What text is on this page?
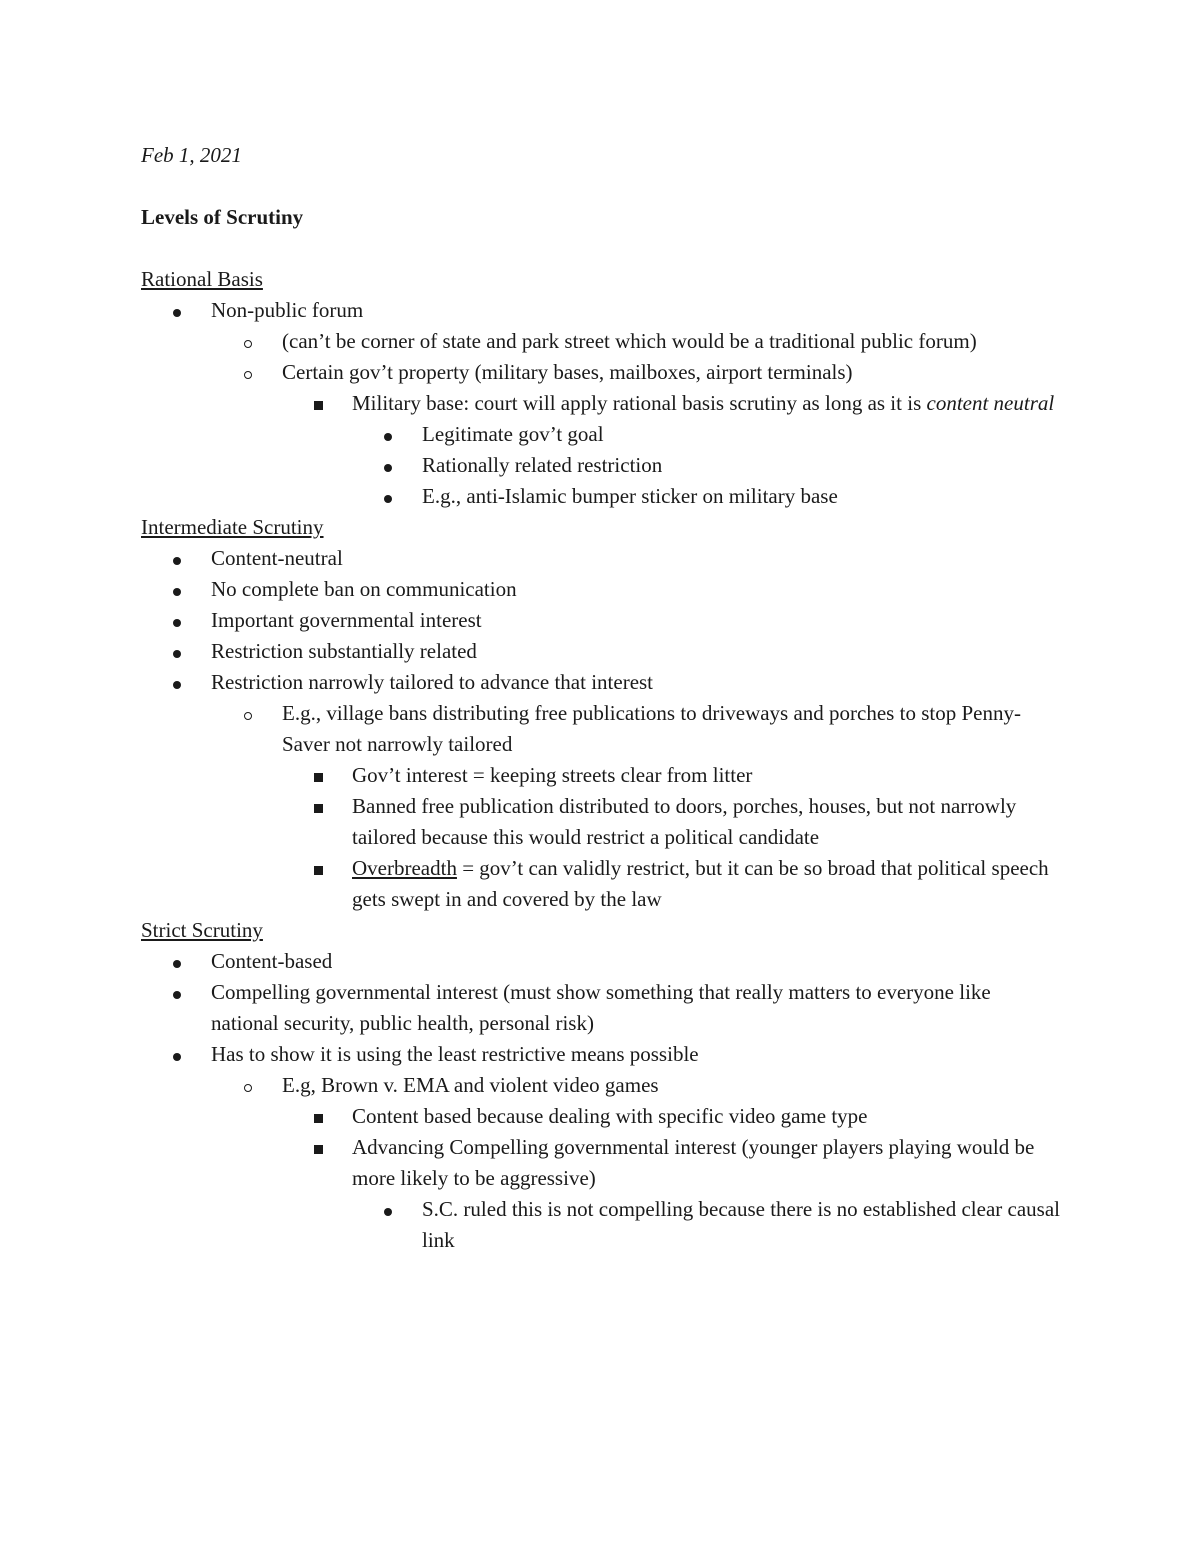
Feb 1, 2021

Levels of Scrutiny

Rational Basis

Non-public forum
(can’t be corner of state and park street which would be a traditional public forum)
Certain gov’t property (military bases, mailboxes, airport terminals)
Military base: court will apply rational basis scrutiny as long as it is content neutral
Legitimate gov’t goal
Rationally related restriction
E.g., anti-Islamic bumper sticker on military base

Intermediate Scrutiny

Content-neutral
No complete ban on communication
Important governmental interest
Restriction substantially related
Restriction narrowly tailored to advance that interest
E.g., village bans distributing free publications to driveways and porches to stop Penny-Saver not narrowly tailored
Gov’t interest = keeping streets clear from litter
Banned free publication distributed to doors, porches, houses, but not narrowly tailored because this would restrict a political candidate
Overbreadth = gov’t can validly restrict, but it can be so broad that political speech gets swept in and covered by the law

Strict Scrutiny

Content-based
Compelling governmental interest (must show something that really matters to everyone like national security, public health, personal risk)
Has to show it is using the least restrictive means possible
E.g, Brown v. EMA and violent video games
Content based because dealing with specific video game type
Advancing Compelling governmental interest (younger players playing would be more likely to be aggressive)
S.C. ruled this is not compelling because there is no established clear causal link
